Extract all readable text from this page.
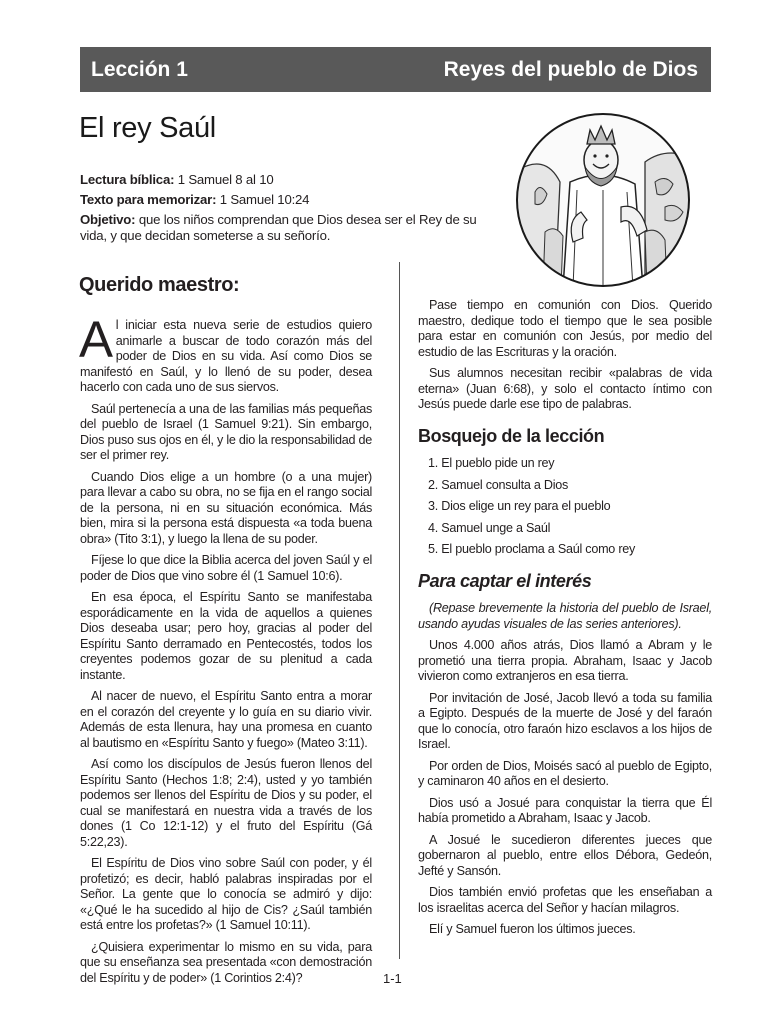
Lección 1	Reyes del pueblo de Dios
El rey Saúl

Lectura bíblica: 1 Samuel 8 al 10

Texto para memorizar: 1 Samuel 10:24

Objetivo: que los niños comprendan que Dios desea ser el Rey de su vida, y que decidan someterse a su señorío.

Querido maestro:

Al iniciar esta nueva serie de estudios quiero animarle a buscar de todo corazón más del poder de Dios en su vida. Así como Dios se manifestó en Saúl, y lo llenó de su poder, desea hacerlo con cada uno de sus siervos.

Saúl pertenecía a una de las familias más pequeñas del pueblo de Israel (1 Samuel 9:21). Sin embargo, Dios puso sus ojos en él, y le dio la responsabilidad de ser el primer rey.

Cuando Dios elige a un hombre (o a una mujer) para llevar a cabo su obra, no se fija en el rango social de la persona, ni en su situación económica. Más bien, mira si la persona está dispuesta «a toda buena obra» (Tito 3:1), y luego la llena de su poder.

Fíjese lo que dice la Biblia acerca del joven Saúl y el poder de Dios que vino sobre él (1 Samuel 10:6).

En esa época, el Espíritu Santo se manifestaba esporádicamente en la vida de aquellos a quienes Dios deseaba usar; pero hoy, gracias al poder del Espíritu Santo derramado en Pentecostés, todos los creyentes podemos gozar de su plenitud a cada instante.

Al nacer de nuevo, el Espíritu Santo entra a morar en el corazón del creyente y lo guía en su diario vivir. Además de esta llenura, hay una promesa en cuanto al bautismo en «Espíritu Santo y fuego» (Mateo 3:11).

Así como los discípulos de Jesús fueron llenos del Espíritu Santo (Hechos 1:8; 2:4), usted y yo también podemos ser llenos del Espíritu de Dios y su poder, el cual se manifestará en nuestra vida a través de los dones (1 Co 12:1-12) y el fruto del Espíritu (Gá 5:22,23).

El Espíritu de Dios vino sobre Saúl con poder, y él profetizó; es decir, habló palabras inspiradas por el Señor. La gente que lo conocía se admiró y dijo: «¿Qué le ha sucedido al hijo de Cis? ¿Saúl también está entre los profetas?» (1 Samuel 10:11).

¿Quisiera experimentar lo mismo en su vida, para que su enseñanza sea presentada «con demostración del Espíritu y de poder» (1 Corintios 2:4)?

Pase tiempo en comunión con Dios. Querido maestro, dedique todo el tiempo que le sea posible para estar en comunión con Jesús, por medio del estudio de las Escrituras y la oración.

Sus alumnos necesitan recibir «palabras de vida eterna» (Juan 6:68), y solo el contacto íntimo con Jesús puede darle ese tipo de palabras.

Bosquejo de la lección
1. El pueblo pide un rey
2. Samuel consulta a Dios
3. Dios elige un rey para el pueblo
4. Samuel unge a Saúl
5. El pueblo proclama a Saúl como rey
Para captar el interés

(Repase brevemente la historia del pueblo de Israel, usando ayudas visuales de las series anteriores).

Unos 4.000 años atrás, Dios llamó a Abram y le prometió una tierra propia. Abraham, Isaac y Jacob vivieron como extranjeros en esa tierra.

Por invitación de José, Jacob llevó a toda su familia a Egipto. Después de la muerte de José y del faraón que lo conocía, otro faraón hizo esclavos a los hijos de Israel.

Por orden de Dios, Moisés sacó al pueblo de Egipto, y caminaron 40 años en el desierto.

Dios usó a Josué para conquistar la tierra que Él había prometido a Abraham, Isaac y Jacob.

A Josué le sucedieron diferentes jueces que gobernaron al pueblo, entre ellos Débora, Gedeón, Jefté y Sansón.

Dios también envió profetas que les enseñaban a los israelitas acerca del Señor y hacían milagros.

Elí y Samuel fueron los últimos jueces.

1-1
